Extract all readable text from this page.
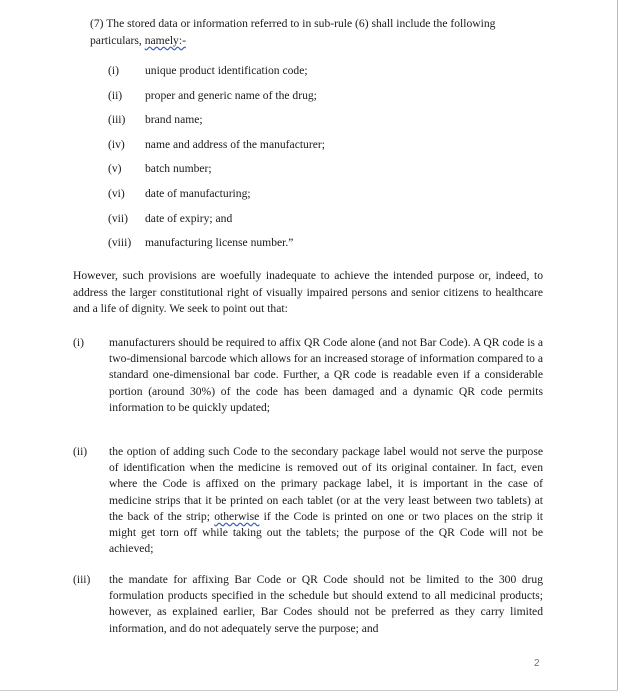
(7) The stored data or information referred to in sub-rule (6) shall include the following particulars, namely:-

(i)	unique product identification code;
(ii)	proper and generic name of the drug;
(iii)	brand name;
(iv)	name and address of the manufacturer;
(v)	batch number;
(vi)	date of manufacturing;
(vii)	date of expiry; and
(viii)	manufacturing license number.”

However, such provisions are woefully inadequate to achieve the intended purpose or, indeed, to address the larger constitutional right of visually impaired persons and senior citizens to healthcare and a life of dignity. We seek to point out that:

(i) manufacturers should be required to affix QR Code alone (and not Bar Code). A QR code is a two-dimensional barcode which allows for an increased storage of information compared to a standard one-dimensional bar code. Further, a QR code is readable even if a considerable portion (around 30%) of the code has been damaged and a dynamic QR code permits information to be quickly updated;

(ii) the option of adding such Code to the secondary package label would not serve the purpose of identification when the medicine is removed out of its original container. In fact, even where the Code is affixed on the primary package label, it is important in the case of medicine strips that it be printed on each tablet (or at the very least between two tablets) at the back of the strip; otherwise if the Code is printed on one or two places on the strip it might get torn off while taking out the tablets; the purpose of the QR Code will not be achieved;

(iii) the mandate for affixing Bar Code or QR Code should not be limited to the 300 drug formulation products specified in the schedule but should extend to all medicinal products; however, as explained earlier, Bar Codes should not be preferred as they carry limited information, and do not adequately serve the purpose; and

2
